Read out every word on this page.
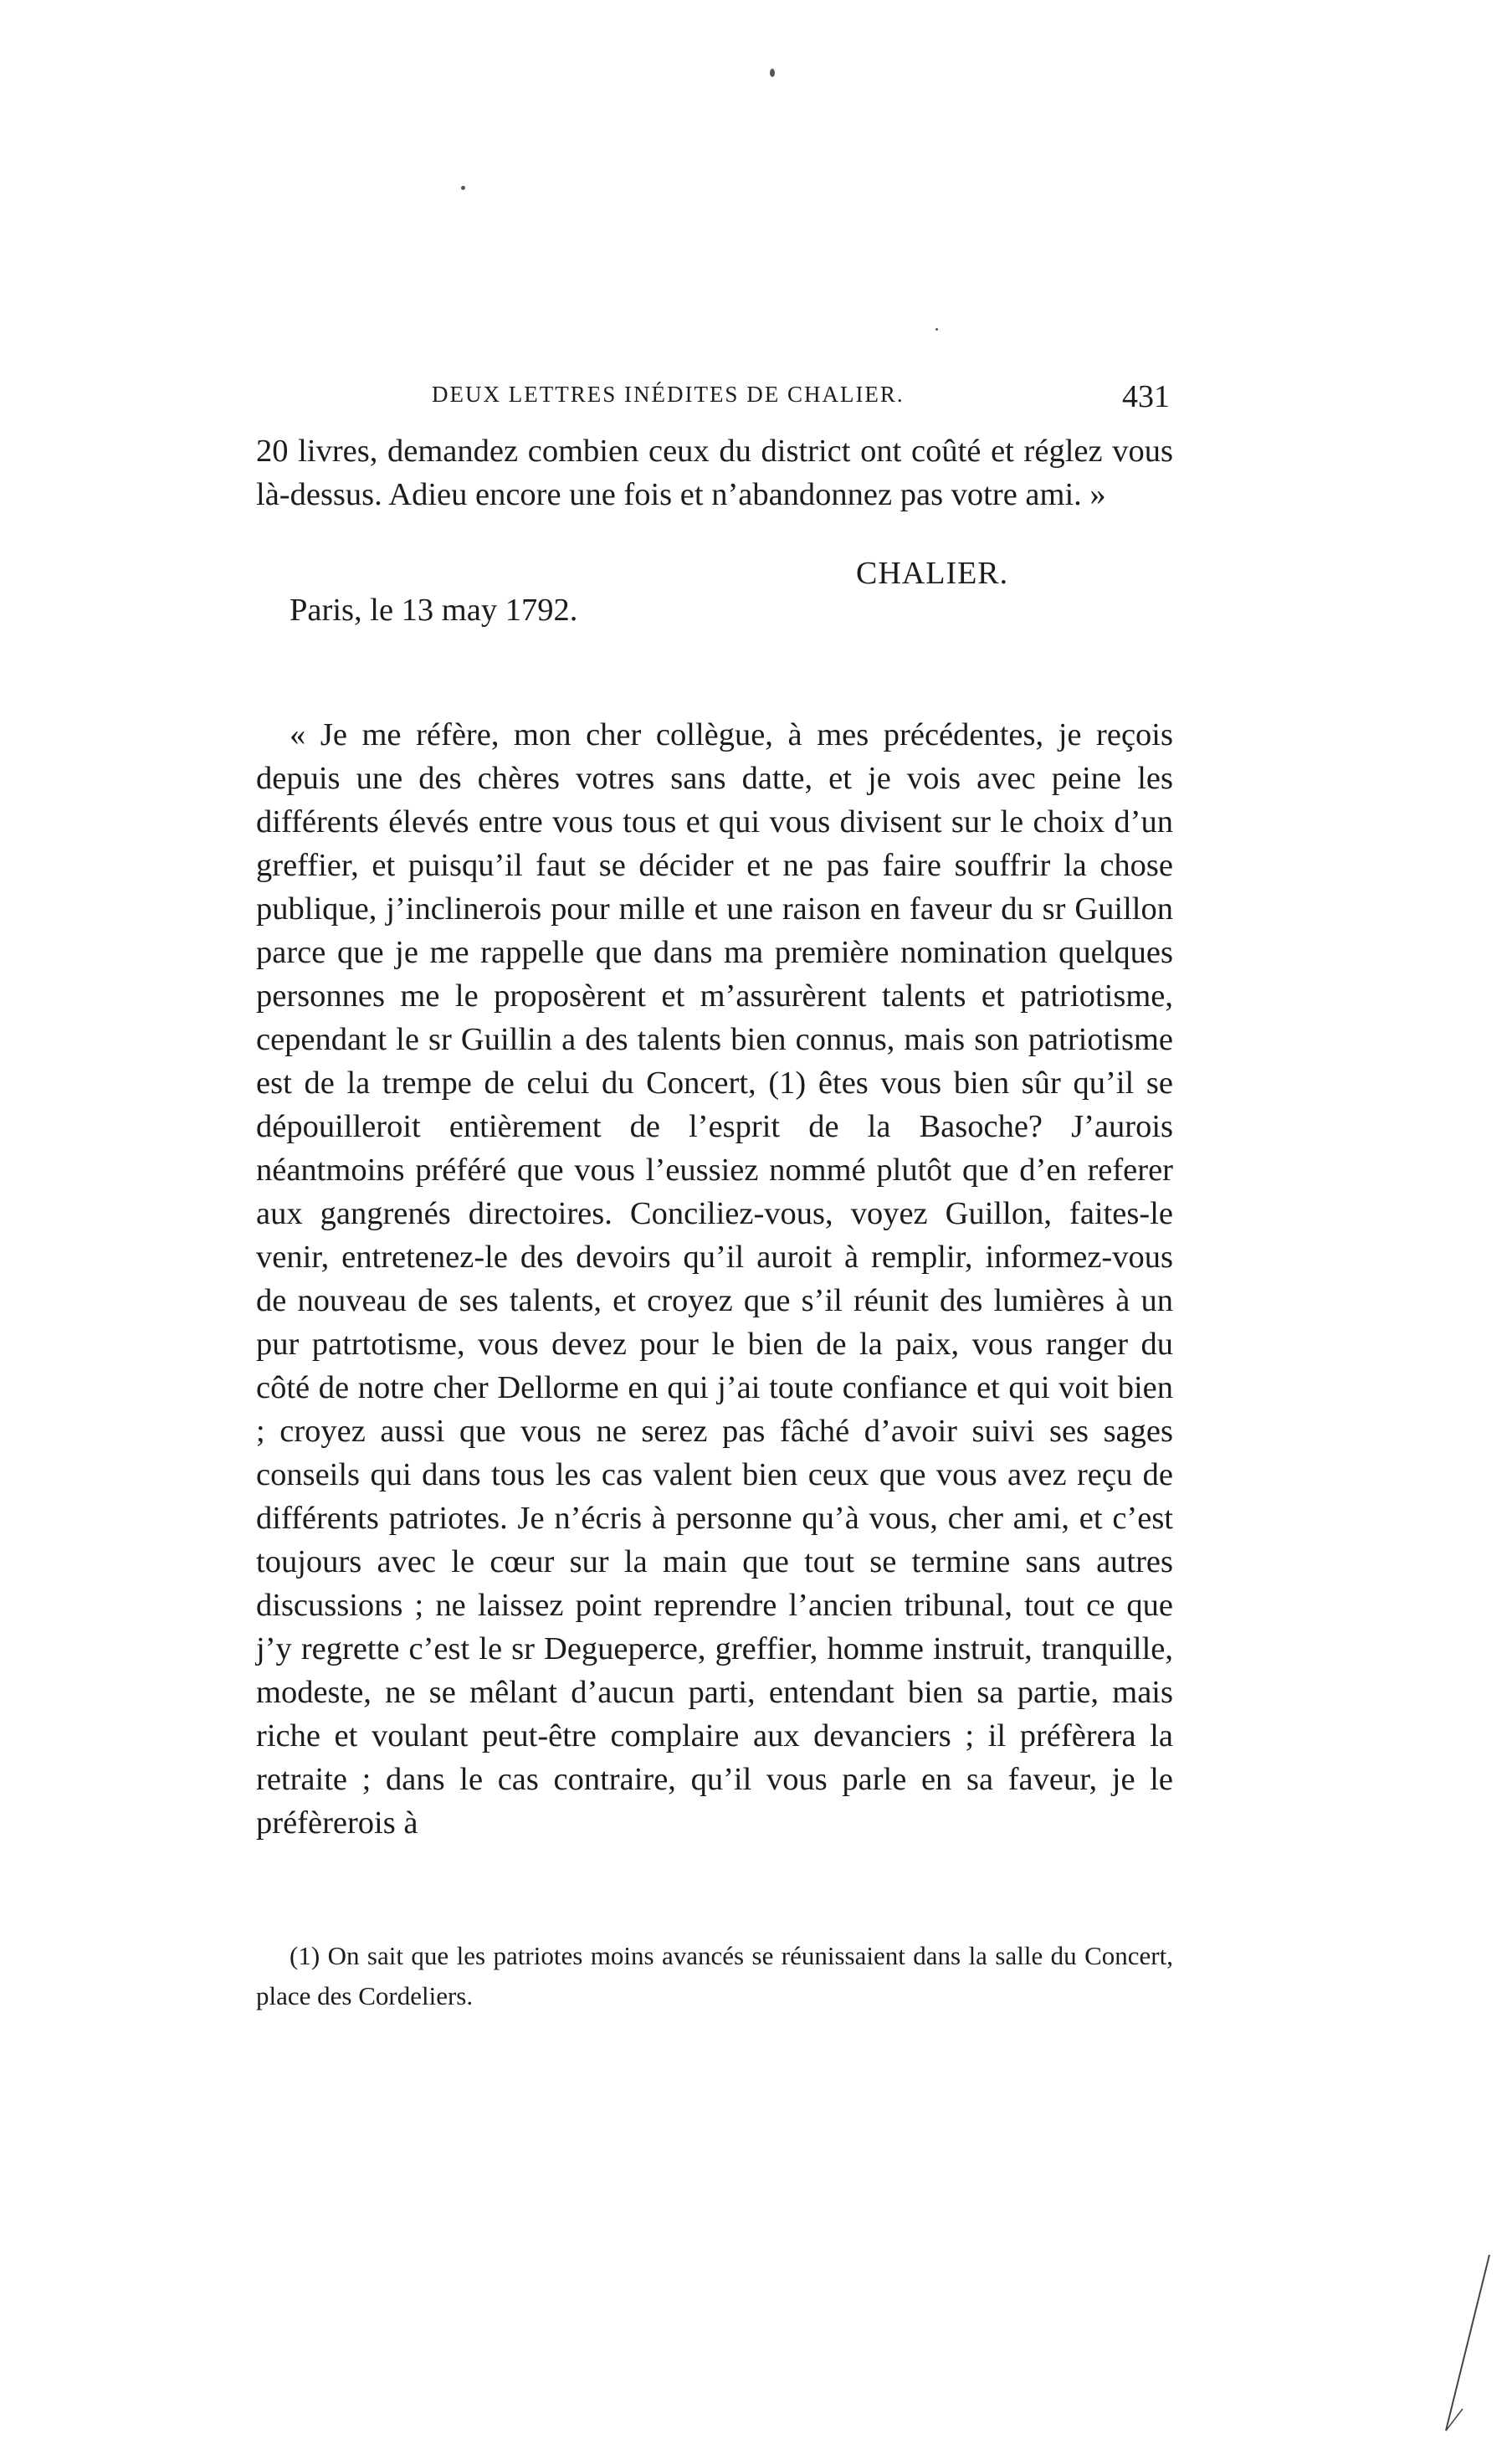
DEUX LETTRES INÉDITES DE CHALIER.	431
20 livres, demandez combien ceux du district ont coûté et réglez vous là-dessus. Adieu encore une fois et n’abandonnez pas votre ami. »
CHALIER.
Paris, le 13 may 1792.
« Je me réfère, mon cher collègue, à mes précédentes, je reçois depuis une des chères votres sans datte, et je vois avec peine les différents élevés entre vous tous et qui vous divisent sur le choix d’un greffier, et puisqu’il faut se décider et ne pas faire souffrir la chose publique, j’inclinerois pour mille et une raison en faveur du sr Guillon parce que je me rappelle que dans ma première nomination quelques personnes me le proposèrent et m’assurèrent talents et patriotisme, cependant le sr Guillin a des talents bien connus, mais son patriotisme est de la trempe de celui du Concert, (1) êtes vous bien sûr qu’il se dépouilleroit entièrement de l’esprit de la Basoche? J’aurois néantmoins préféré que vous l’eussiez nommé plutôt que d’en referer aux gangrenés directoires. Conciliez-vous, voyez Guillon, faites-le venir, entretenez-le des devoirs qu’il auroit à remplir, informez-vous de nouveau de ses talents, et croyez que s’il réunit des lumières à un pur patrtotisme, vous devez pour le bien de la paix, vous ranger du côté de notre cher Dellorme en qui j’ai toute confiance et qui voit bien ; croyez aussi que vous ne serez pas fâché d’avoir suivi ses sages conseils qui dans tous les cas valent bien ceux que vous avez reçu de différents patriotes. Je n’écris à personne qu’à vous, cher ami, et c’est toujours avec le cœur sur la main que tout se termine sans autres discussions ; ne laissez point reprendre l’ancien tribunal, tout ce que j’y regrette c’est le sr Degueperce, greffier, homme instruit, tranquille, modeste, ne se mêlant d’aucun parti, entendant bien sa partie, mais riche et voulant peut-être complaire aux devanciers ; il préfèrera la retraite ; dans le cas contraire, qu’il vous parle en sa faveur, je le préfèrerois à
(1) On sait que les patriotes moins avancés se réunissaient dans la salle du Concert, place des Cordeliers.
